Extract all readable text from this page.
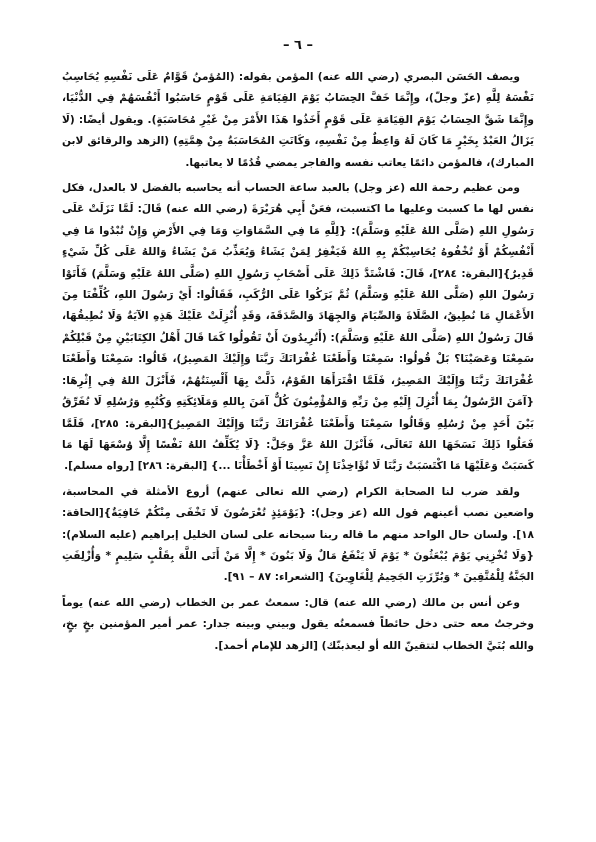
– ٦ –

ويصف الحَسَن البصري (رضي الله عنه) المؤمن بقوله: (المُؤمنُ قَوَّامٌ عَلَى نَفْسِهِ يُحَاسِبُ نَفْسَهُ لِلَّهِ (عزّ وجلّ)، وإِنَّمَا خَفَّ الحِسَابُ يَوْمَ القِيَامَةِ عَلَى قَوْمٍ حَاسَبُوا أَنْفُسَهُمْ فِي الدُّنْيَا، وإِنَّمَا شَقَّ الحِسَابُ يَوْمَ القِيَامَةِ عَلَى قَوْمٍ أَخَذُوا هَذَا الأَمْرَ مِنْ غَيْرِ مُحَاسَبَةٍ). ويقول أيضًا: (لَا يَزَالُ العَبْدُ بِخَيْرٍ مَا كَانَ لَهُ وَاعِظٌ مِنْ نَفْسِهِ، وَكَانَتِ المُحَاسَبَةُ مِنْ هِمَّتِهِ) (الزهد والرقائق لابن المبارك)، فالمؤمن دائمًا يعاتب نفسه والفاجر يمضي قُدُمًا لا يعاتبها.

ومن عظيم رحمة الله (عز وجل) بالعبد ساعة الحساب أنه يحاسبه بالفضل لا بالعدل، فكل نفس لها ما كسبت وعليها ما اكتسبت، فعَنْ أَبِي هُرَيْرَةَ (رضي الله عنه) قَالَ: لَمَّا نَزَلَتْ عَلَى رَسُولِ اللهِ (صَلَّى اللهُ عَلَيْهِ وَسَلَّمَ): {لِلَّهِ مَا فِي السَّمَاوَاتِ وَمَا فِي الأَرْضِ وَإِنْ تُبْدُوا مَا فِي أَنْفُسِكُمْ أَوْ تُخْفُوهُ يُحَاسِبْكُمْ بِهِ اللهُ فَيَغْفِرُ لِمَنْ يَشَاءُ وَيُعَذِّبُ مَنْ يَشَاءُ وَاللهُ عَلَى كُلِّ شَيْءٍ قَدِيرٌ}[البقرة: ٢٨٤]، قَالَ: فَاشْتَدَّ ذَلِكَ عَلَى أَصْحَابِ رَسُولِ اللهِ (صَلَّى اللهُ عَلَيْهِ وَسَلَّمَ) فَأَتَوْا رَسُولَ اللهِ (صَلَّى اللهُ عَلَيْهِ وَسَلَّمَ) ثُمَّ بَرَكُوا عَلَى الرُّكَبِ، فَقَالُوا: أَيْ رَسُولَ اللهِ، كُلِّفْنَا مِنَ الأَعْمَالِ مَا نُطِيقُ، الصَّلَاةَ وَالصِّيَامَ وَالجِهَادَ وَالصَّدَقَةَ، وَقَدِ أُنْزِلَتْ عَلَيْكَ هَذِهِ الآيَةُ وَلَا نُطِيقُهَا، قَالَ رَسُولُ اللهِ (صَلَّى اللهُ عَلَيْهِ وَسَلَّمَ): (أَتُرِيدُونَ أَنْ تَقُولُوا كَمَا قَالَ أَهْلُ الكِتَابَيْنِ مِنْ قَبْلِكُمْ سَمِعْنَا وَعَصَيْنَا؟ بَلْ قُولُوا: سَمِعْنَا وَأَطَعْنَا غُفْرَانَكَ رَبَّنَا وَإِلَيْكَ المَصِيرُ)، قَالُوا: سَمِعْنَا وَأَطَعْنَا غُفْرَانَكَ رَبَّنَا وَإِلَيْكَ المَصِيرُ، فَلَمَّا اقْتَرَأَهَا القَوْمُ، ذَلَّتْ بِهَا أَلْسِنَتُهُمْ، فَأَنْزَلَ اللهُ فِي إِثْرِهَا: {آمَنَ الرَّسُولُ بِمَا أُنْزِلَ إِلَيْهِ مِنْ رَبِّهِ وَالمُؤْمِنُونَ كُلٌّ آمَنَ بِاللهِ وَمَلَائِكَتِهِ وَكُتُبِهِ وَرُسُلِهِ لَا نُفَرِّقُ بَيْنَ أَحَدٍ مِنْ رُسُلِهِ وَقَالُوا سَمِعْنَا وَأَطَعْنَا غُفْرَانَكَ رَبَّنَا وَإِلَيْكَ المَصِيرُ}[البقرة: ٢٨٥]، فَلَمَّا فَعَلُوا ذَلِكَ نَسَخَهَا اللهُ تَعَالَى، فَأَنْزَلَ اللهُ عَزَّ وَجَلَّ: {لَا يُكَلِّفُ اللهُ نَفْسًا إِلَّا وُسْعَهَا لَهَا مَا كَسَبَتْ وَعَلَيْهَا مَا اكْتَسَبَتْ رَبَّنَا لَا تُؤَاخِذْنَا إِنْ نَسِينَا أَوْ أَخْطَأْنَا ...} [البقرة: ٢٨٦] [رواه مسلم].

ولقد ضرب لنا الصحابة الكرام (رضي الله تعالى عنهم) أروع الأمثلة في المحاسبة، واضعين نصب أعينهم قول الله (عز وجل): {يَوْمَئِذٍ تُعْرَضُونَ لَا تَخْفَى مِنْكُمْ خَافِيَةٌ}[الحاقة: ١٨]. ولسان حال الواحد منهم ما قاله ربنا سبحانه على لسان الخليل إبراهيم (عليه السلام): {وَلَا تُخْزِنِي يَوْمَ يُبْعَثُونَ * يَوْمَ لَا يَنْفَعُ مَالٌ وَلَا بَنُونَ * إِلَّا مَنْ أَتَى اللَّهَ بِقَلْبٍ سَلِيمٍ * وَأُزْلِفَتِ الجَنَّةُ لِلْمُتَّقِينَ * وَبُرِّزَتِ الجَحِيمُ لِلْغَاوِينَ} [الشعراء: ٨٧ – ٩١].

وعن أنس بن مالك (رضي الله عنه) قال: سمعتُ عمر بن الخطاب (رضي الله عنه) يوماً وخرجتُ معه حتى دخل حائطاً فسمعتُه يقول وبيني وبينه جدار: عمر أمير المؤمنين بخٍ بخٍ، والله بُنَيَّ الخطاب لتتقينّ الله أو ليعذبنّك) [الزهد للإمام أحمد].
